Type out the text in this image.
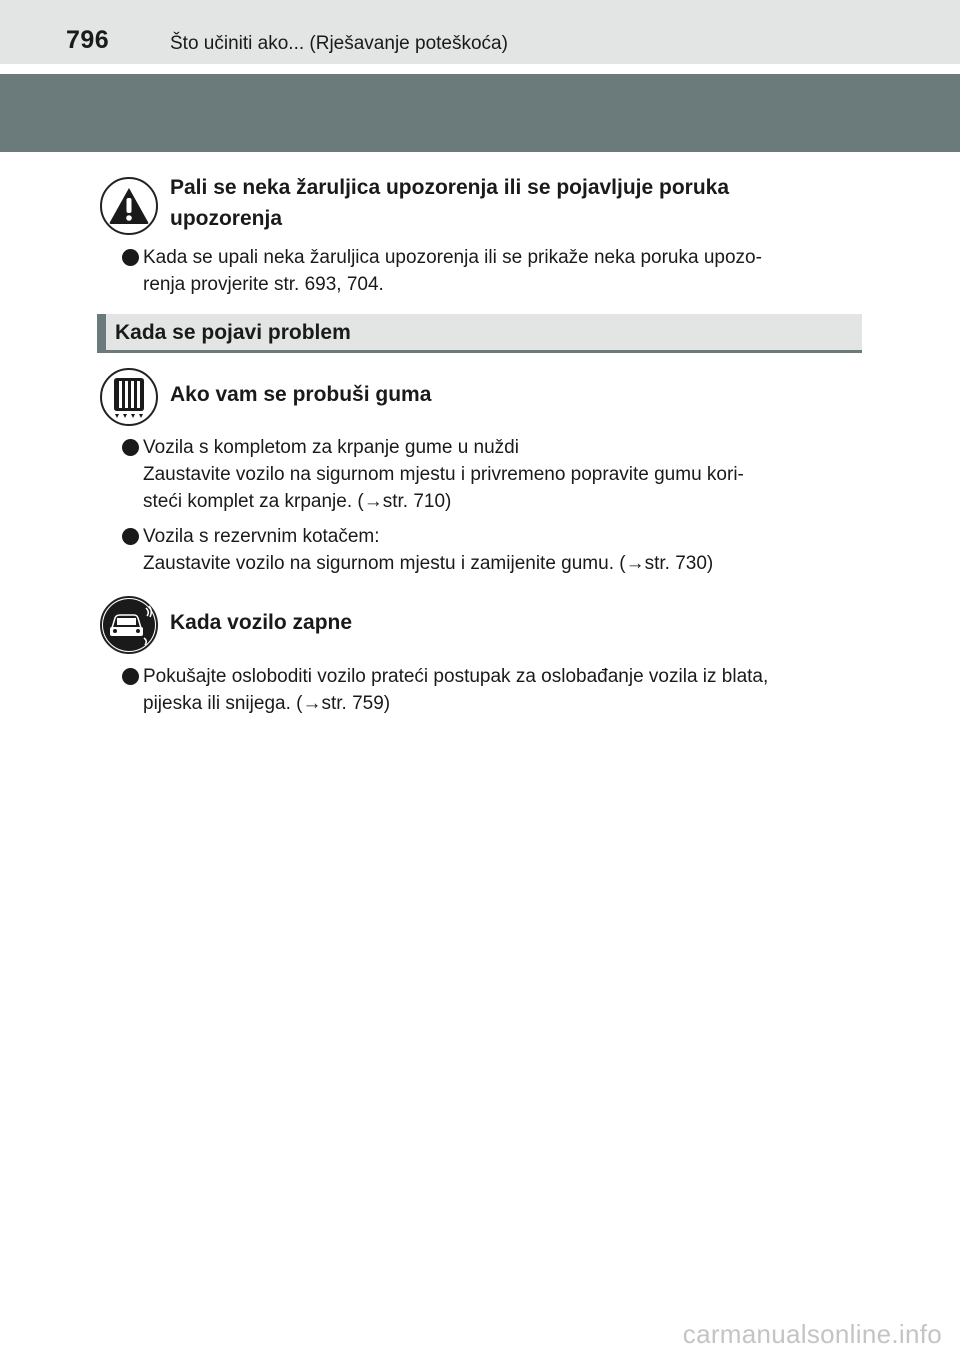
796	Što učiniti ako... (Rješavanje poteškoća)
Pali se neka žaruljica upozorenja ili se pojavljuje poruka
upozorenja
Kada se upali neka žaruljica upozorenja ili se prikaže neka poruka upozo-
renja provjerite str. 693, 704.
Kada se pojavi problem
Ako vam se probuši guma
Vozila s kompletom za krpanje gume u nuždi
Zaustavite vozilo na sigurnom mjestu i privremeno popravite gumu kori-
steći komplet za krpanje. (→str. 710)
Vozila s rezervnim kotačem:
Zaustavite vozilo na sigurnom mjestu i zamijenite gumu. (→str. 730)
Kada vozilo zapne
Pokušajte osloboditi vozilo prateći postupak za oslobađanje vozila iz blata,
pijeska ili snijega. (→str. 759)
carmanualsonline.info
